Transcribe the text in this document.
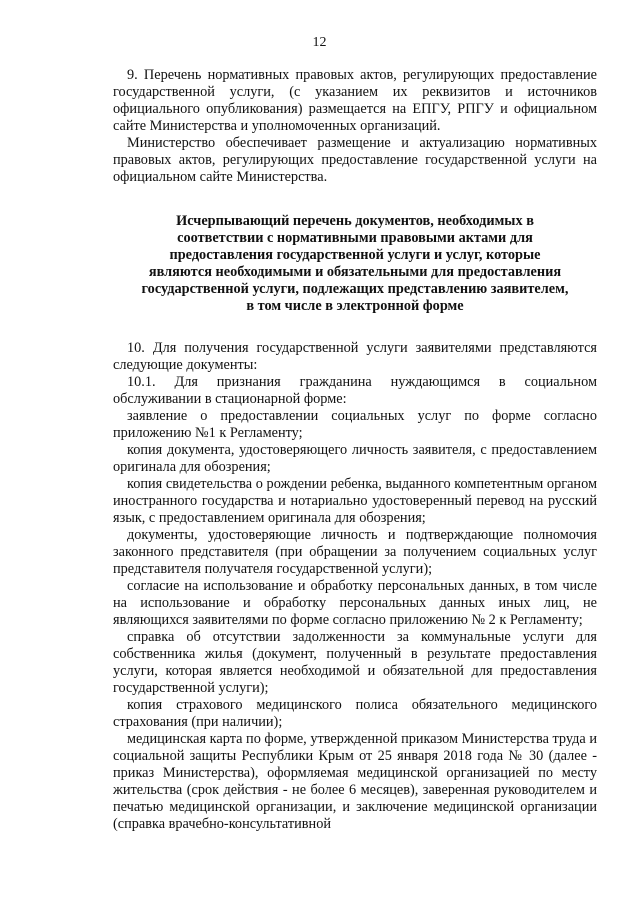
12

9. Перечень нормативных правовых актов, регулирующих предоставление государственной услуги, (с указанием их реквизитов и источников официального опубликования) размещается на ЕПГУ, РПГУ и официальном сайте Министерства и уполномоченных организаций.

Министерство обеспечивает размещение и актуализацию нормативных правовых актов, регулирующих предоставление государственной услуги на официальном сайте Министерства.

Исчерпывающий перечень документов, необходимых в соответствии с нормативными правовыми актами для предоставления государственной услуги и услуг, которые являются необходимыми и обязательными для предоставления государственной услуги, подлежащих представлению заявителем, в том числе в электронной форме

10. Для получения государственной услуги заявителями представляются следующие документы:

10.1. Для признания гражданина нуждающимся в социальном обслуживании в стационарной форме:

заявление о предоставлении социальных услуг по форме согласно приложению №1 к Регламенту;

копия документа, удостоверяющего личность заявителя, с предоставлением оригинала для обозрения;

копия свидетельства о рождении ребенка, выданного компетентным органом иностранного государства и нотариально удостоверенный перевод на русский язык, с предоставлением оригинала для обозрения;

документы, удостоверяющие личность и подтверждающие полномочия законного представителя (при обращении за получением социальных услуг представителя получателя государственной услуги);

согласие на использование и обработку персональных данных, в том числе на использование и обработку персональных данных иных лиц, не являющихся заявителями по форме согласно приложению № 2 к Регламенту;

справка об отсутствии задолженности за коммунальные услуги для собственника жилья (документ, полученный в результате предоставления услуги, которая является необходимой и обязательной для предоставления государственной услуги);

копия страхового медицинского полиса обязательного медицинского страхования (при наличии);

медицинская карта по форме, утвержденной приказом Министерства труда и социальной защиты Республики Крым от 25 января 2018 года № 30 (далее - приказ Министерства), оформляемая медицинской организацией по месту жительства (срок действия - не более 6 месяцев), заверенная руководителем и печатью медицинской организации, и заключение медицинской организации (справка врачебно-консультативной
